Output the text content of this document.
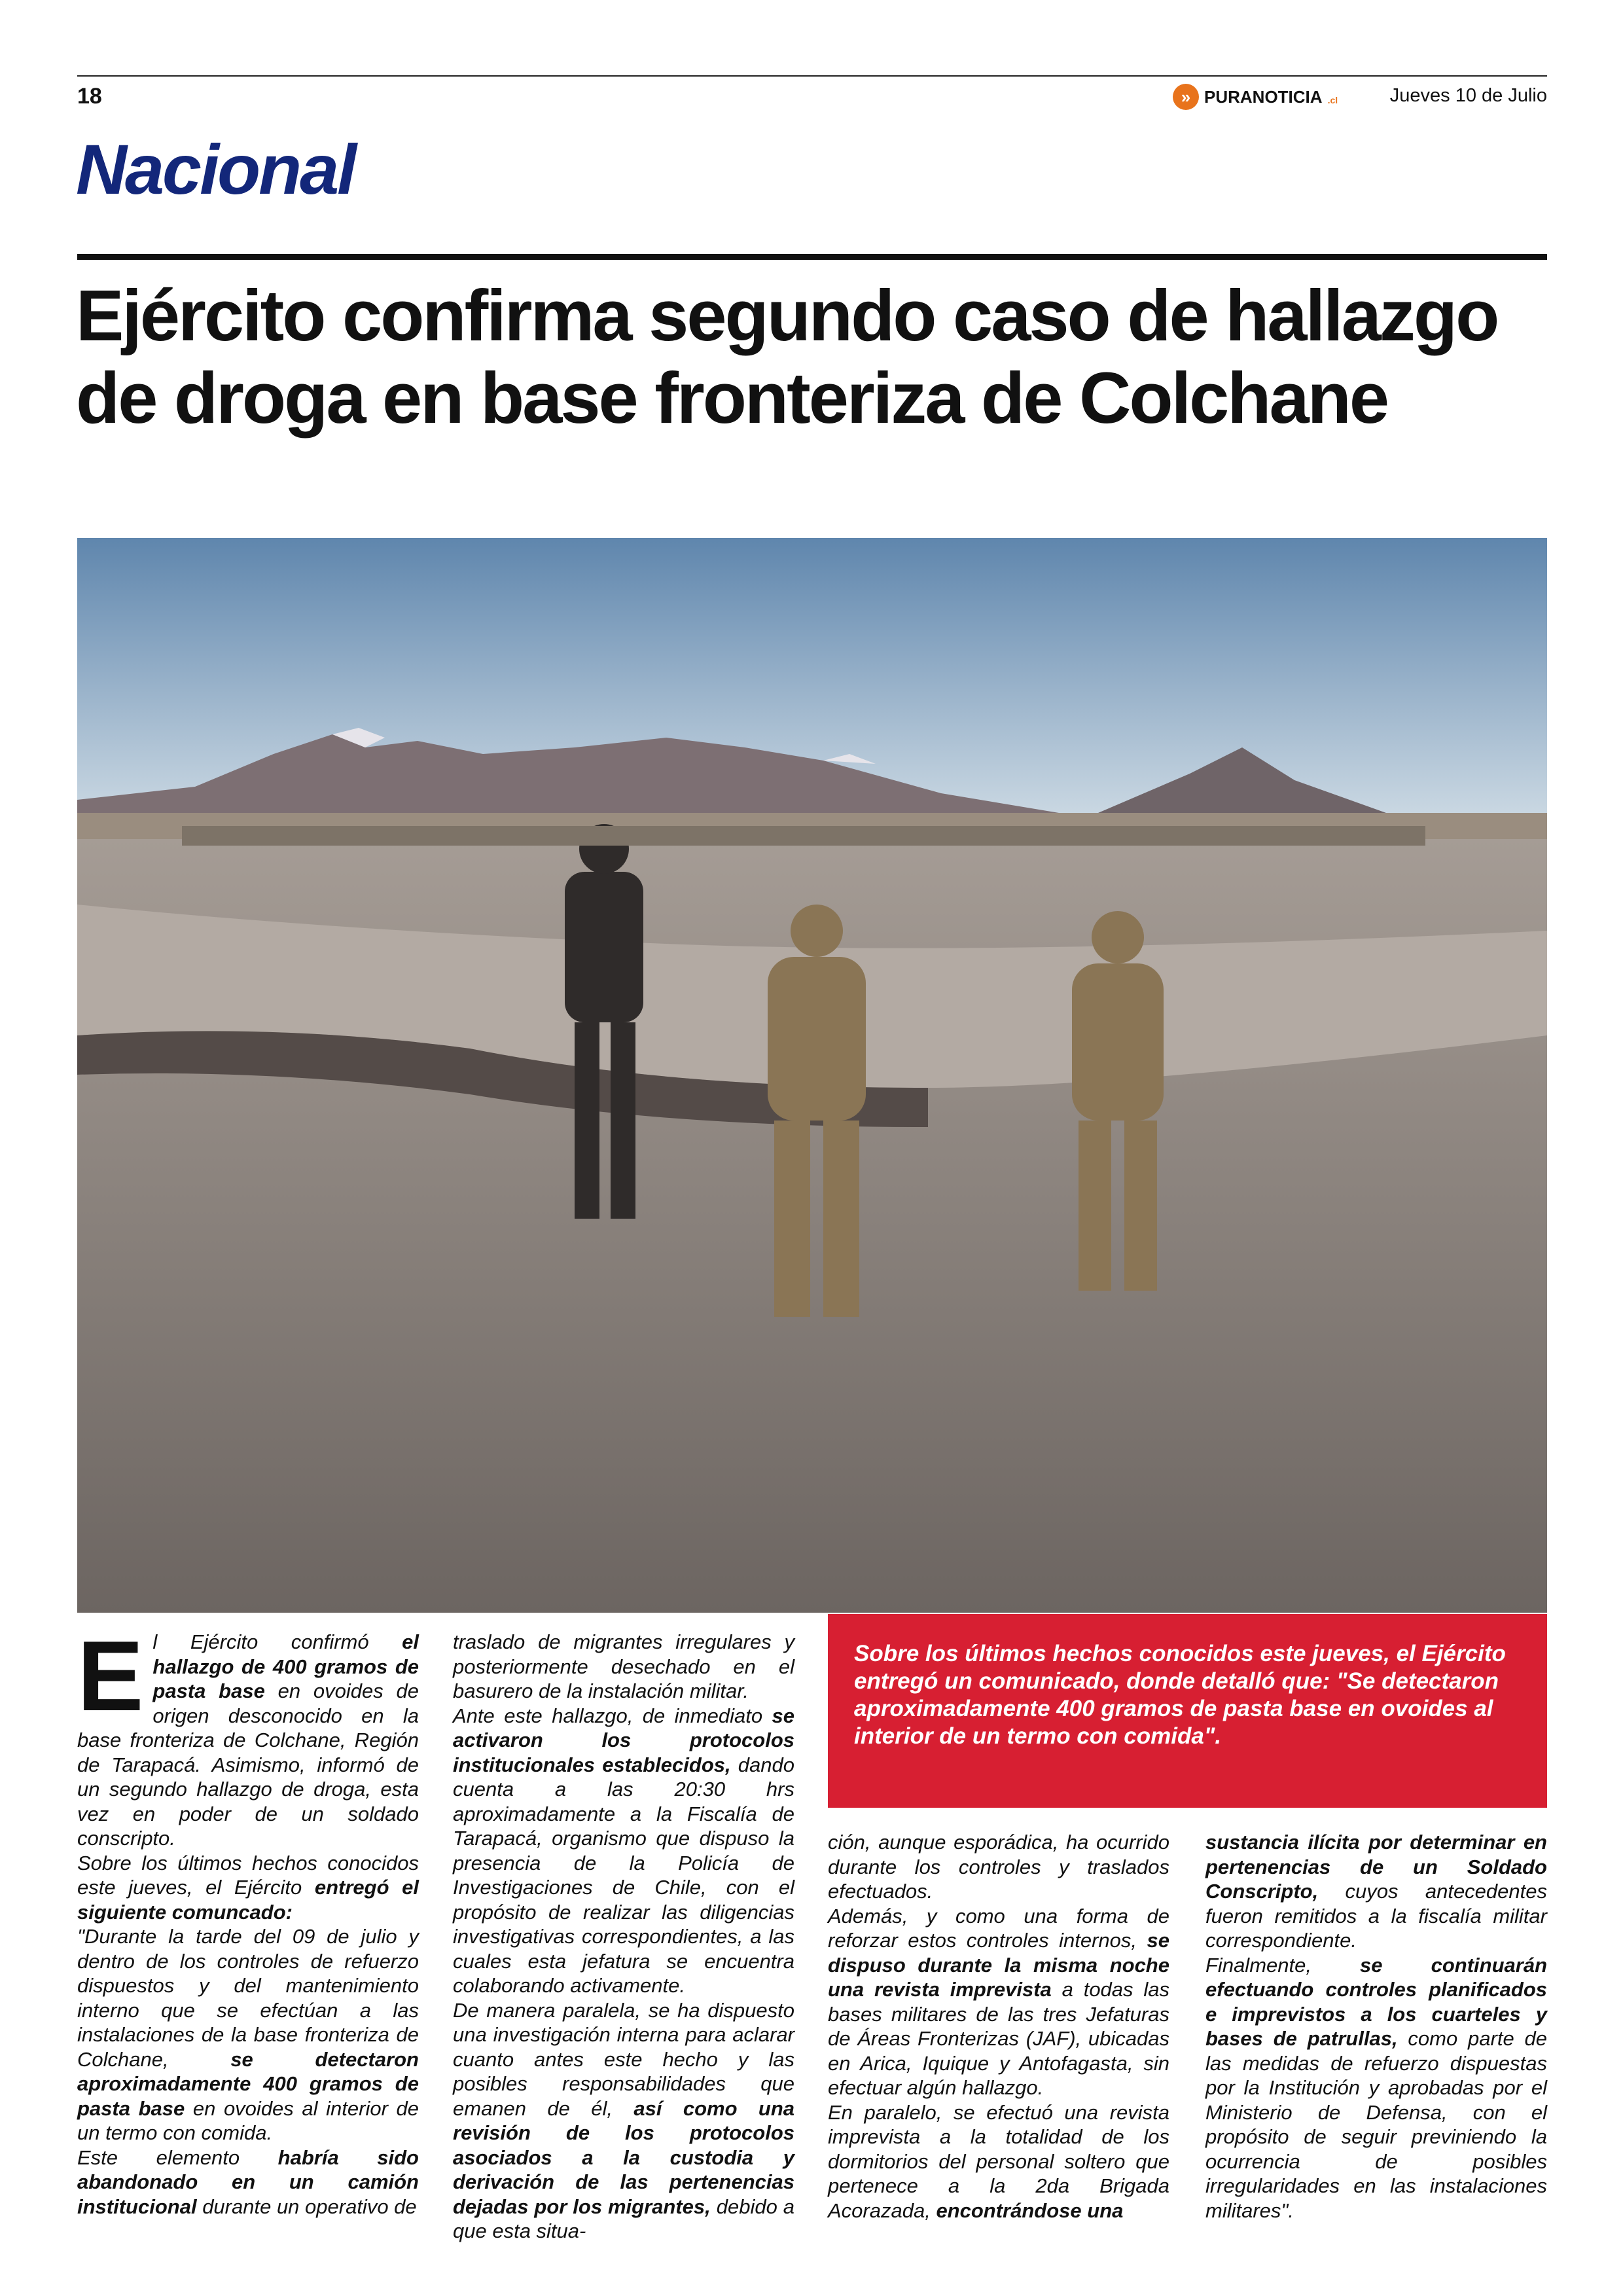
18	» PURANOTICIA .cl	Jueves 10 de Julio
Nacional
Ejército confirma segundo caso de hallazgo de droga en base fronteriza de Colchane

El Ejército confirmó el hallazgo de 400 gramos de pasta base en ovoides de origen desconocido en la base fronteriza de Colchane, Región de Tarapacá. Asimismo, informó de un segundo hallazgo de droga, esta vez en poder de un soldado conscripto.

Sobre los últimos hechos conocidos este jueves, el Ejército entregó el siguiente comuncado:

"Durante la tarde del 09 de julio y dentro de los controles de refuerzo dispuestos y del mantenimiento interno que se efectúan a las instalaciones de la base fronteriza de Colchane, se detectaron aproximadamente 400 gramos de pasta base en ovoides al interior de un termo con comida.

Este elemento habría sido abandonado en un camión institucional durante un operativo de

traslado de migrantes irregulares y posteriormente desechado en el basurero de la instalación militar.

Ante este hallazgo, de inmediato se activaron los protocolos institucionales establecidos, dando cuenta a las 20:30 hrs aproximadamente a la Fiscalía de Tarapacá, organismo que dispuso la presencia de la Policía de Investigaciones de Chile, con el propósito de realizar las diligencias investigativas correspondientes, a las cuales esta jefatura se encuentra colaborando activamente.

De manera paralela, se ha dispuesto una investigación interna para aclarar cuanto antes este hecho y las posibles responsabilidades que emanen de él, así como una revisión de los protocolos asociados a la custodia y derivación de las pertenencias dejadas por los migrantes, debido a que esta situa-

Sobre los últimos hechos conocidos este jueves, el Ejército entregó un comunicado, donde detalló que: "Se detectaron aproximadamente 400 gramos de pasta base en ovoides al interior de un termo con comida".

ción, aunque esporádica, ha ocurrido durante los controles y traslados efectuados.

Además, y como una forma de reforzar estos controles internos, se dispuso durante la misma noche una revista imprevista a todas las bases militares de las tres Jefaturas de Áreas Fronterizas (JAF), ubicadas en Arica, Iquique y Antofagasta, sin efectuar algún hallazgo.

En paralelo, se efectuó una revista imprevista a la totalidad de los dormitorios del personal soltero que pertenece a la 2da Brigada Acorazada, encontrándose una

sustancia ilícita por determinar en pertenencias de un Soldado Conscripto, cuyos antecedentes fueron remitidos a la fiscalía militar correspondiente.

Finalmente, se continuarán efectuando controles planificados e imprevistos a los cuarteles y bases de patrullas, como parte de las medidas de refuerzo dispuestas por la Institución y aprobadas por el Ministerio de Defensa, con el propósito de seguir previniendo la ocurrencia de posibles irregularidades en las instalaciones militares".
